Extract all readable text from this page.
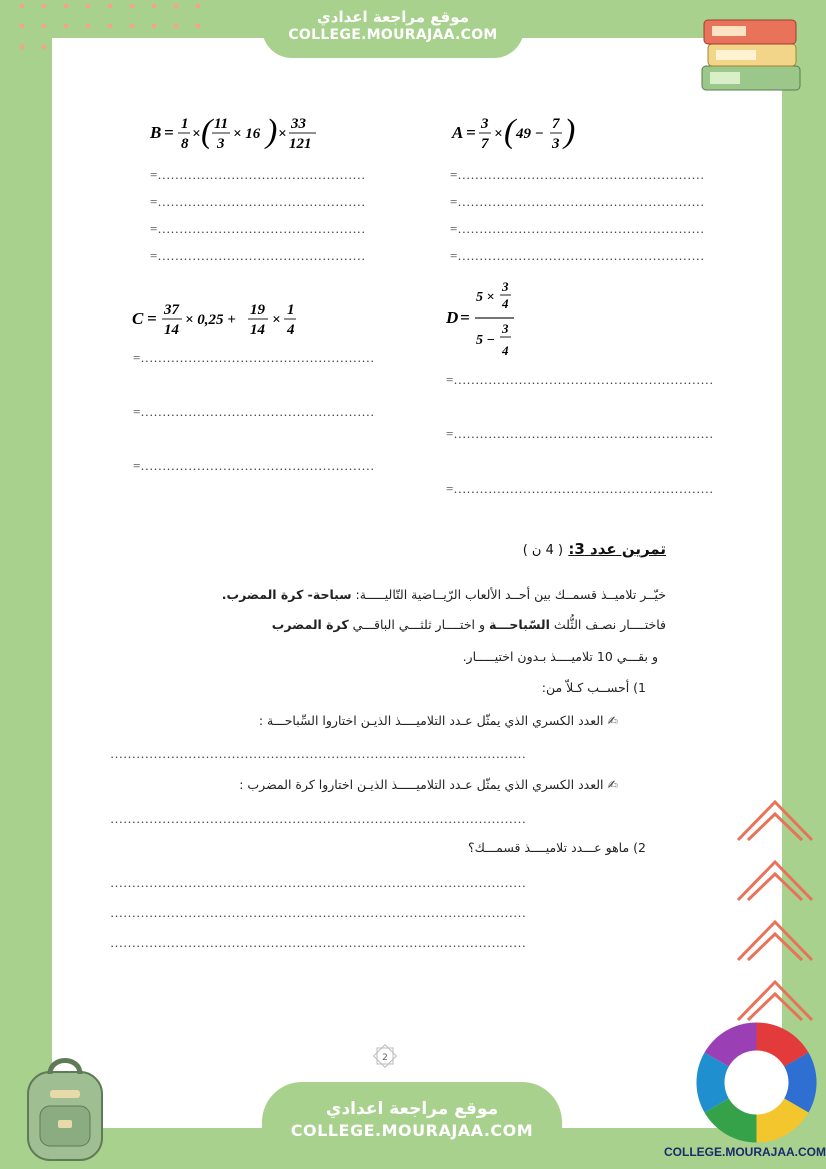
موقع مراجعة اعدادي
COLLEGE.MOURAJAA.COM
A = 3
7
× ( 49 −
7
3 )
B = 1
8
× ( 11
3
× 16 ) ×
33
121
=…………………………………………………
=…………………………………………………
=…………………………………………………
=…………………………………………………
=…………………………………………
=…………………………………………
=…………………………………………
=…………………………………………
C = 37
14
× 0,25 +
19
14
×
1
4
=………………………………………………
=………………………………………………
=………………………………………………
D =
5 ×
3
4
5 −
3
4
=……………………………………………………
=……………………………………………………
=……………………………………………………
تمرين عدد 3: ( 4 ن )
خيّــر تلاميــذ قسمــك بين أحــد الألعاب الرّيــاضية التّاليـــــة: سباحة- كرة المضرب.
فاختــــار نصـف الثُّلث السّباحـــة و اختــــار ثلثـــي الباقـــي كرة المضرب
و بقـــي 10 تلاميــــذ بـدون اختيـــــار.
1) أحســب كـلاّ من:
✍ العدد الكسري الذي يمثّل عـدد التلاميــــذ الذيـن اختاروا السِّباحـــة :
……………………………………………………………………………………
✍ العدد الكسري الذي يمثّل عـدد التلاميـــــذ الذيـن اختاروا كرة المضرب :
……………………………………………………………………………………
2) ماهو عـــدد تلاميــــذ قسمـــك؟
……………………………………………………………………………………
……………………………………………………………………………………
……………………………………………………………………………………
2
موقع مراجعة اعدادي
COLLEGE.MOURAJAA.COM
COLLEGE.MOURAJAA.COM
